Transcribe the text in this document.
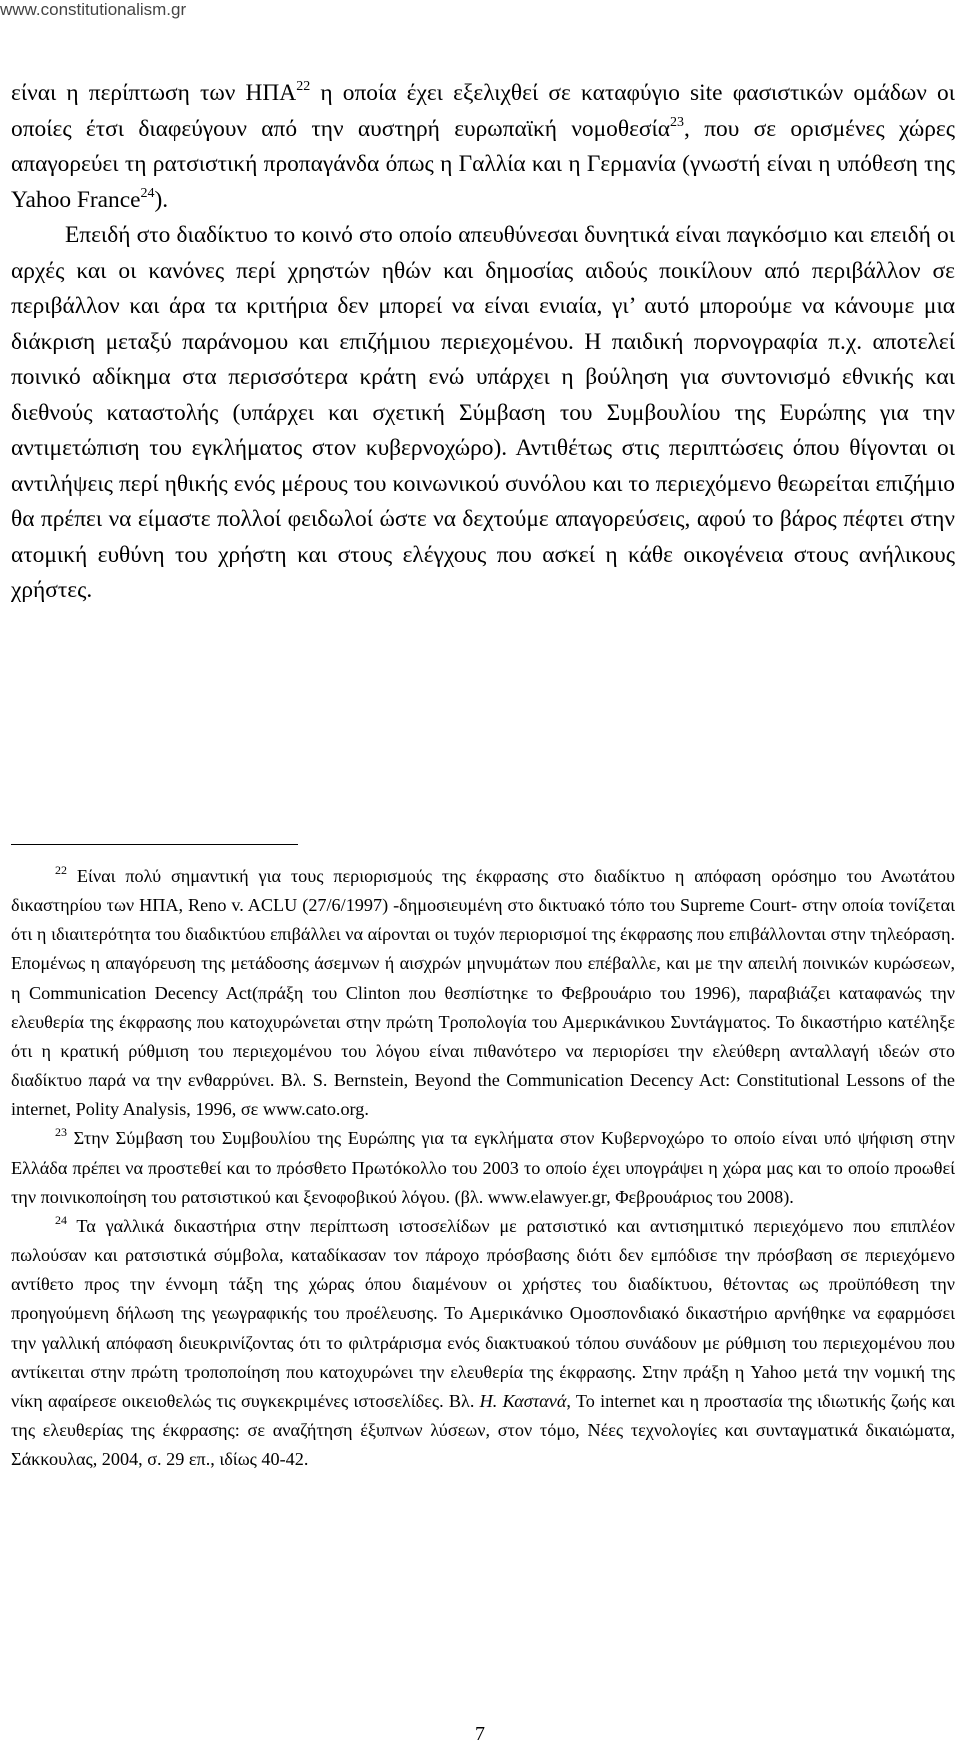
www.constitutionalism.gr

είναι η περίπτωση των ΗΠΑ$^{22}$ η οποία έχει εξελιχθεί σε καταφύγιο site φασιστικών ομάδων οι οποίες έτσι διαφεύγουν από την αυστηρή ευρωπαϊκή νομοθεσία$^{23}$, που σε ορισμένες χώρες απαγορεύει τη ρατσιστική προπαγάνδα όπως η Γαλλία και η Γερμανία (γνωστή είναι η υπόθεση της Yahoo France$^{24}$).

Επειδή στο διαδίκτυο το κοινό στο οποίο απευθύνεσαι δυνητικά είναι παγκόσμιο και επειδή οι αρχές και οι κανόνες περί χρηστών ηθών και δημοσίας αιδούς ποικίλουν από περιβάλλον σε περιβάλλον και άρα τα κριτήρια δεν μπορεί να είναι ενιαία, γι’ αυτό μπορούμε να κάνουμε μια διάκριση μεταξύ παράνομου και επιζήμιου περιεχομένου. Η παιδική πορνογραφία π.χ. αποτελεί ποινικό αδίκημα στα περισσότερα κράτη ενώ υπάρχει η βούληση για συντονισμό εθνικής και διεθνούς καταστολής (υπάρχει και σχετική Σύμβαση του Συμβουλίου της Ευρώπης για την αντιμετώπιση του εγκλήματος στον κυβερνοχώρο). Αντιθέτως στις περιπτώσεις όπου θίγονται οι αντιλήψεις περί ηθικής ενός μέρους του κοινωνικού συνόλου και το περιεχόμενο θεωρείται επιζήμιο θα πρέπει να είμαστε πολλοί φειδωλοί ώστε να δεχτούμε απαγορεύσεις, αφού το βάρος πέφτει στην ατομική ευθύνη του χρήστη και στους ελέγχους που ασκεί η κάθε οικογένεια στους ανήλικους χρήστες.

$^{22}$ Είναι πολύ σημαντική για τους περιορισμούς της έκφρασης στο διαδίκτυο η απόφαση ορόσημο του Ανωτάτου δικαστηρίου των ΗΠΑ, Reno v. ACLU (27/6/1997) -δημοσιευμένη στο δικτυακό τόπο του Supreme Court- στην οποία τονίζεται ότι η ιδιαιτερότητα του διαδικτύου επιβάλλει να αίρονται οι τυχόν περιορισμοί της έκφρασης που επιβάλλονται στην τηλεόραση. Επομένως η απαγόρευση της μετάδοσης άσεμνων ή αισχρών μηνυμάτων που επέβαλλε, και με την απειλή ποινικών κυρώσεων, η Communication Decency Act(πράξη του Clinton που θεσπίστηκε το Φεβρουάριο του 1996), παραβιάζει καταφανώς την ελευθερία της έκφρασης που κατοχυρώνεται στην πρώτη Τροπολογία του Αμερικάνικου Συντάγματος. Το δικαστήριο κατέληξε ότι η κρατική ρύθμιση του περιεχομένου του λόγου είναι πιθανότερο να περιορίσει την ελεύθερη ανταλλαγή ιδεών στο διαδίκτυο παρά να την ενθαρρύνει. Βλ. S. Bernstein, Beyond the Communication Decency Act: Constitutional Lessons of the internet, Polity Analysis, 1996, σε www.cato.org.

$^{23}$ Στην Σύμβαση του Συμβουλίου της Ευρώπης για τα εγκλήματα στον Κυβερνοχώρο το οποίο είναι υπό ψήφιση στην Ελλάδα πρέπει να προστεθεί και το πρόσθετο Πρωτόκολλο του 2003 το οποίο έχει υπογράψει η χώρα μας και το οποίο προωθεί την ποινικοποίηση του ρατσιστικού και ξενοφοβικού λόγου. (βλ. www.elawyer.gr, Φεβρουάριος του 2008).

$^{24}$ Τα γαλλικά δικαστήρια στην περίπτωση ιστοσελίδων με ρατσιστικό και αντισημιτικό περιεχόμενο που επιπλέον πωλούσαν και ρατσιστικά σύμβολα, καταδίκασαν τον πάροχο πρόσβασης διότι δεν εμπόδισε την πρόσβαση σε περιεχόμενο αντίθετο προς την έννομη τάξη της χώρας όπου διαμένουν οι χρήστες του διαδίκτυου, θέτοντας ως προϋπόθεση την προηγούμενη δήλωση της γεωγραφικής του προέλευσης. Το Αμερικάνικο Ομοσπονδιακό δικαστήριο αρνήθηκε να εφαρμόσει την γαλλική απόφαση διευκρινίζοντας ότι το φιλτράρισμα ενός διακτυακού τόπου συνάδουν με ρύθμιση του περιεχομένου που αντίκειται στην πρώτη τροποποίηση που κατοχυρώνει την ελευθερία της έκφρασης. Στην πράξη η Yahoo μετά την νομική της νίκη αφαίρεσε οικειοθελώς τις συγκεκριμένες ιστοσελίδες. Βλ. Η. Καστανά, Το internet και η προστασία της ιδιωτικής ζωής και της ελευθερίας της έκφρασης: σε αναζήτηση έξυπνων λύσεων, στον τόμο, Νέες τεχνολογίες και συνταγματικά δικαιώματα, Σάκκουλας, 2004, σ. 29 επ., ιδίως 40-42.

7
